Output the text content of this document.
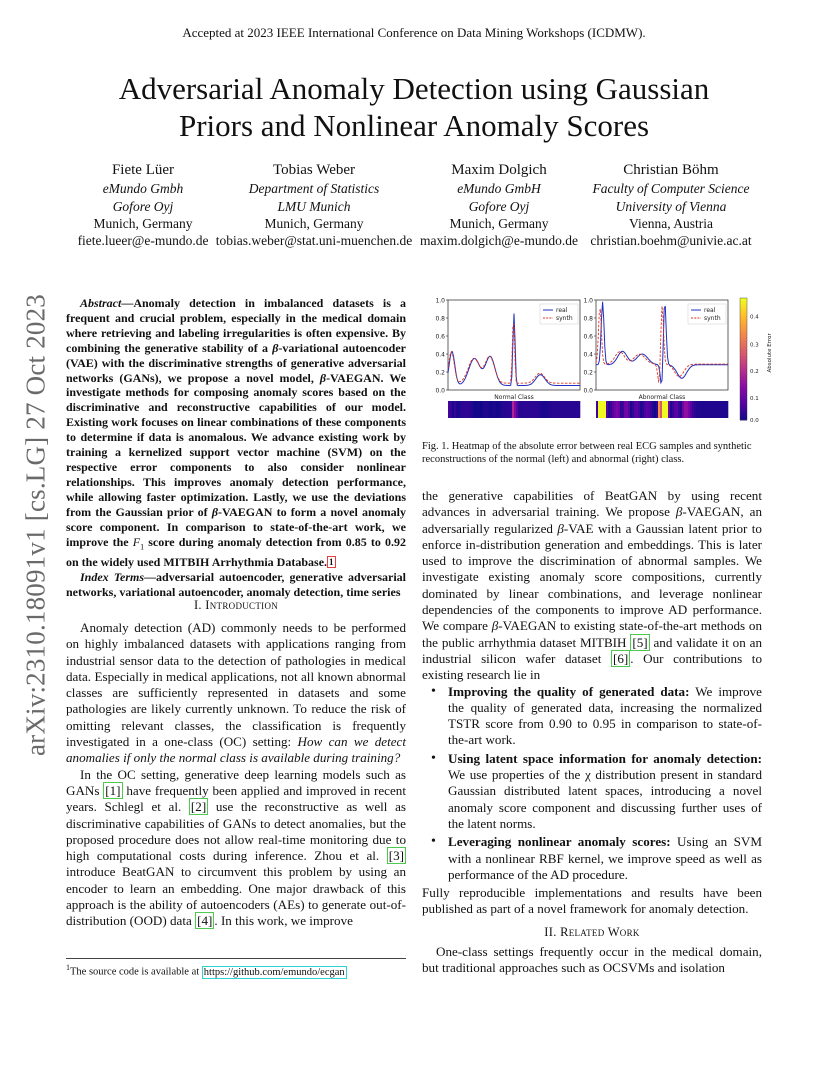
Accepted at 2023 IEEE International Conference on Data Mining Workshops (ICDMW).
Adversarial Anomaly Detection using Gaussian
Priors and Nonlinear Anomaly Scores
Fiete Lüer
eMundo Gmbh
Gofore Oyj
Munich, Germany
fiete.lueer@e-mundo.de
Tobias Weber
Department of Statistics
LMU Munich
Munich, Germany
tobias.weber@stat.uni-muenchen.de
Maxim Dolgich
eMundo GmbH
Gofore Oyj
Munich, Germany
maxim.dolgich@e-mundo.de
Christian Böhm
Faculty of Computer Science
University of Vienna
Vienna, Austria
christian.boehm@univie.ac.at
arXiv:2310.18091v1 [cs.LG] 27 Oct 2023	Abstract—Anomaly detection in imbalanced datasets is a frequent and crucial problem, especially in the medical domain where retrieving and labeling irregularities is often expensive. By combining the generative stability of a β-variational autoencoder (VAE) with the discriminative strengths of generative adversarial networks (GANs), we propose a novel model, β-VAEGAN. We investigate methods for composing anomaly scores based on the discriminative and reconstructive capabilities of our model. Existing work focuses on linear combinations of these components to determine if data is anomalous. We advance existing work by training a kernelized support vector machine (SVM) on the respective error components to also consider nonlinear relationships. This improves anomaly detection performance, while allowing faster optimization. Lastly, we use the deviations from the Gaussian prior of β-VAEGAN to form a novel anomaly score component. In comparison to state-of-the-art work, we improve the $F_1$ score during anomaly detection from 0.85 to 0.92 on the widely used MITBIH Arrhythmia Database. $^1$

Index Terms—adversarial autoencoder, generative adversarial networks, variational autoencoder, anomaly detection, time series

I. Introduction

Anomaly detection (AD) commonly needs to be performed on highly imbalanced datasets with applications ranging from industrial sensor data to the detection of pathologies in medical data. Especially in medical applications, not all known abnormal classes are sufficiently represented in datasets and some pathologies are likely currently unknown. To reduce the risk of omitting relevant classes, the classification is frequently investigated in a one-class (OC) setting: How can we detect anomalies if only the normal class is available during training?

In the OC setting, generative deep learning models such as GANs [1] have frequently been applied and improved in recent years. Schlegl et al. [2] use the reconstructive as well as discriminative capabilities of GANs to detect anomalies, but the proposed procedure does not allow real-time monitoring due to high computational costs during inference. Zhou et al. [3] introduce BeatGAN to circumvent this problem by using an encoder to learn an embedding. One major drawback of this approach is the ability of autoencoders (AEs) to generate out-of-distribution (OOD) data [4] . In this work, we improve

$^1$The source code is available at https://github.com/emundo/ecgan
1.0
0.8
0.6
0.4
0.2
0.0
real
synth
Normal Class
1.0
0.8
0.6
0.4
0.2
0.0
real
synth
Abnormal Class
0.4
0.3
0.2
0.1
0.0
Absolute Error
Fig. 1. Heatmap of the absolute error between real ECG samples and synthetic reconstructions of the normal (left) and abnormal (right) class.

the generative capabilities of BeatGAN by using recent advances in adversarial training. We propose β-VAEGAN, an adversarially regularized β-VAE with a Gaussian latent prior to enforce in-distribution generation and embeddings. This is later used to improve the discrimination of abnormal samples. We investigate existing anomaly score compositions, currently dominated by linear combinations, and leverage nonlinear dependencies of the components to improve AD performance. We compare β-VAEGAN to existing state-of-the-art methods on the public arrhythmia dataset MITBIH [5] and validate it on an industrial silicon wafer dataset [6] . Our contributions to existing research lie in

• Improving the quality of generated data: We improve the quality of generated data, increasing the normalized TSTR score from 0.90 to 0.95 in comparison to state-of-the-art work.
• Using latent space information for anomaly detection: We use properties of the χ distribution present in standard Gaussian distributed latent spaces, introducing a novel anomaly score component and discussing further uses of the latent norms.
• Leveraging nonlinear anomaly scores: Using an SVM with a nonlinear RBF kernel, we improve speed as well as performance of the AD procedure.

Fully reproducible implementations and results have been published as part of a novel framework for anomaly detection.

II. Related Work

One-class settings frequently occur in the medical domain, but traditional approaches such as OCSVMs and isolation
